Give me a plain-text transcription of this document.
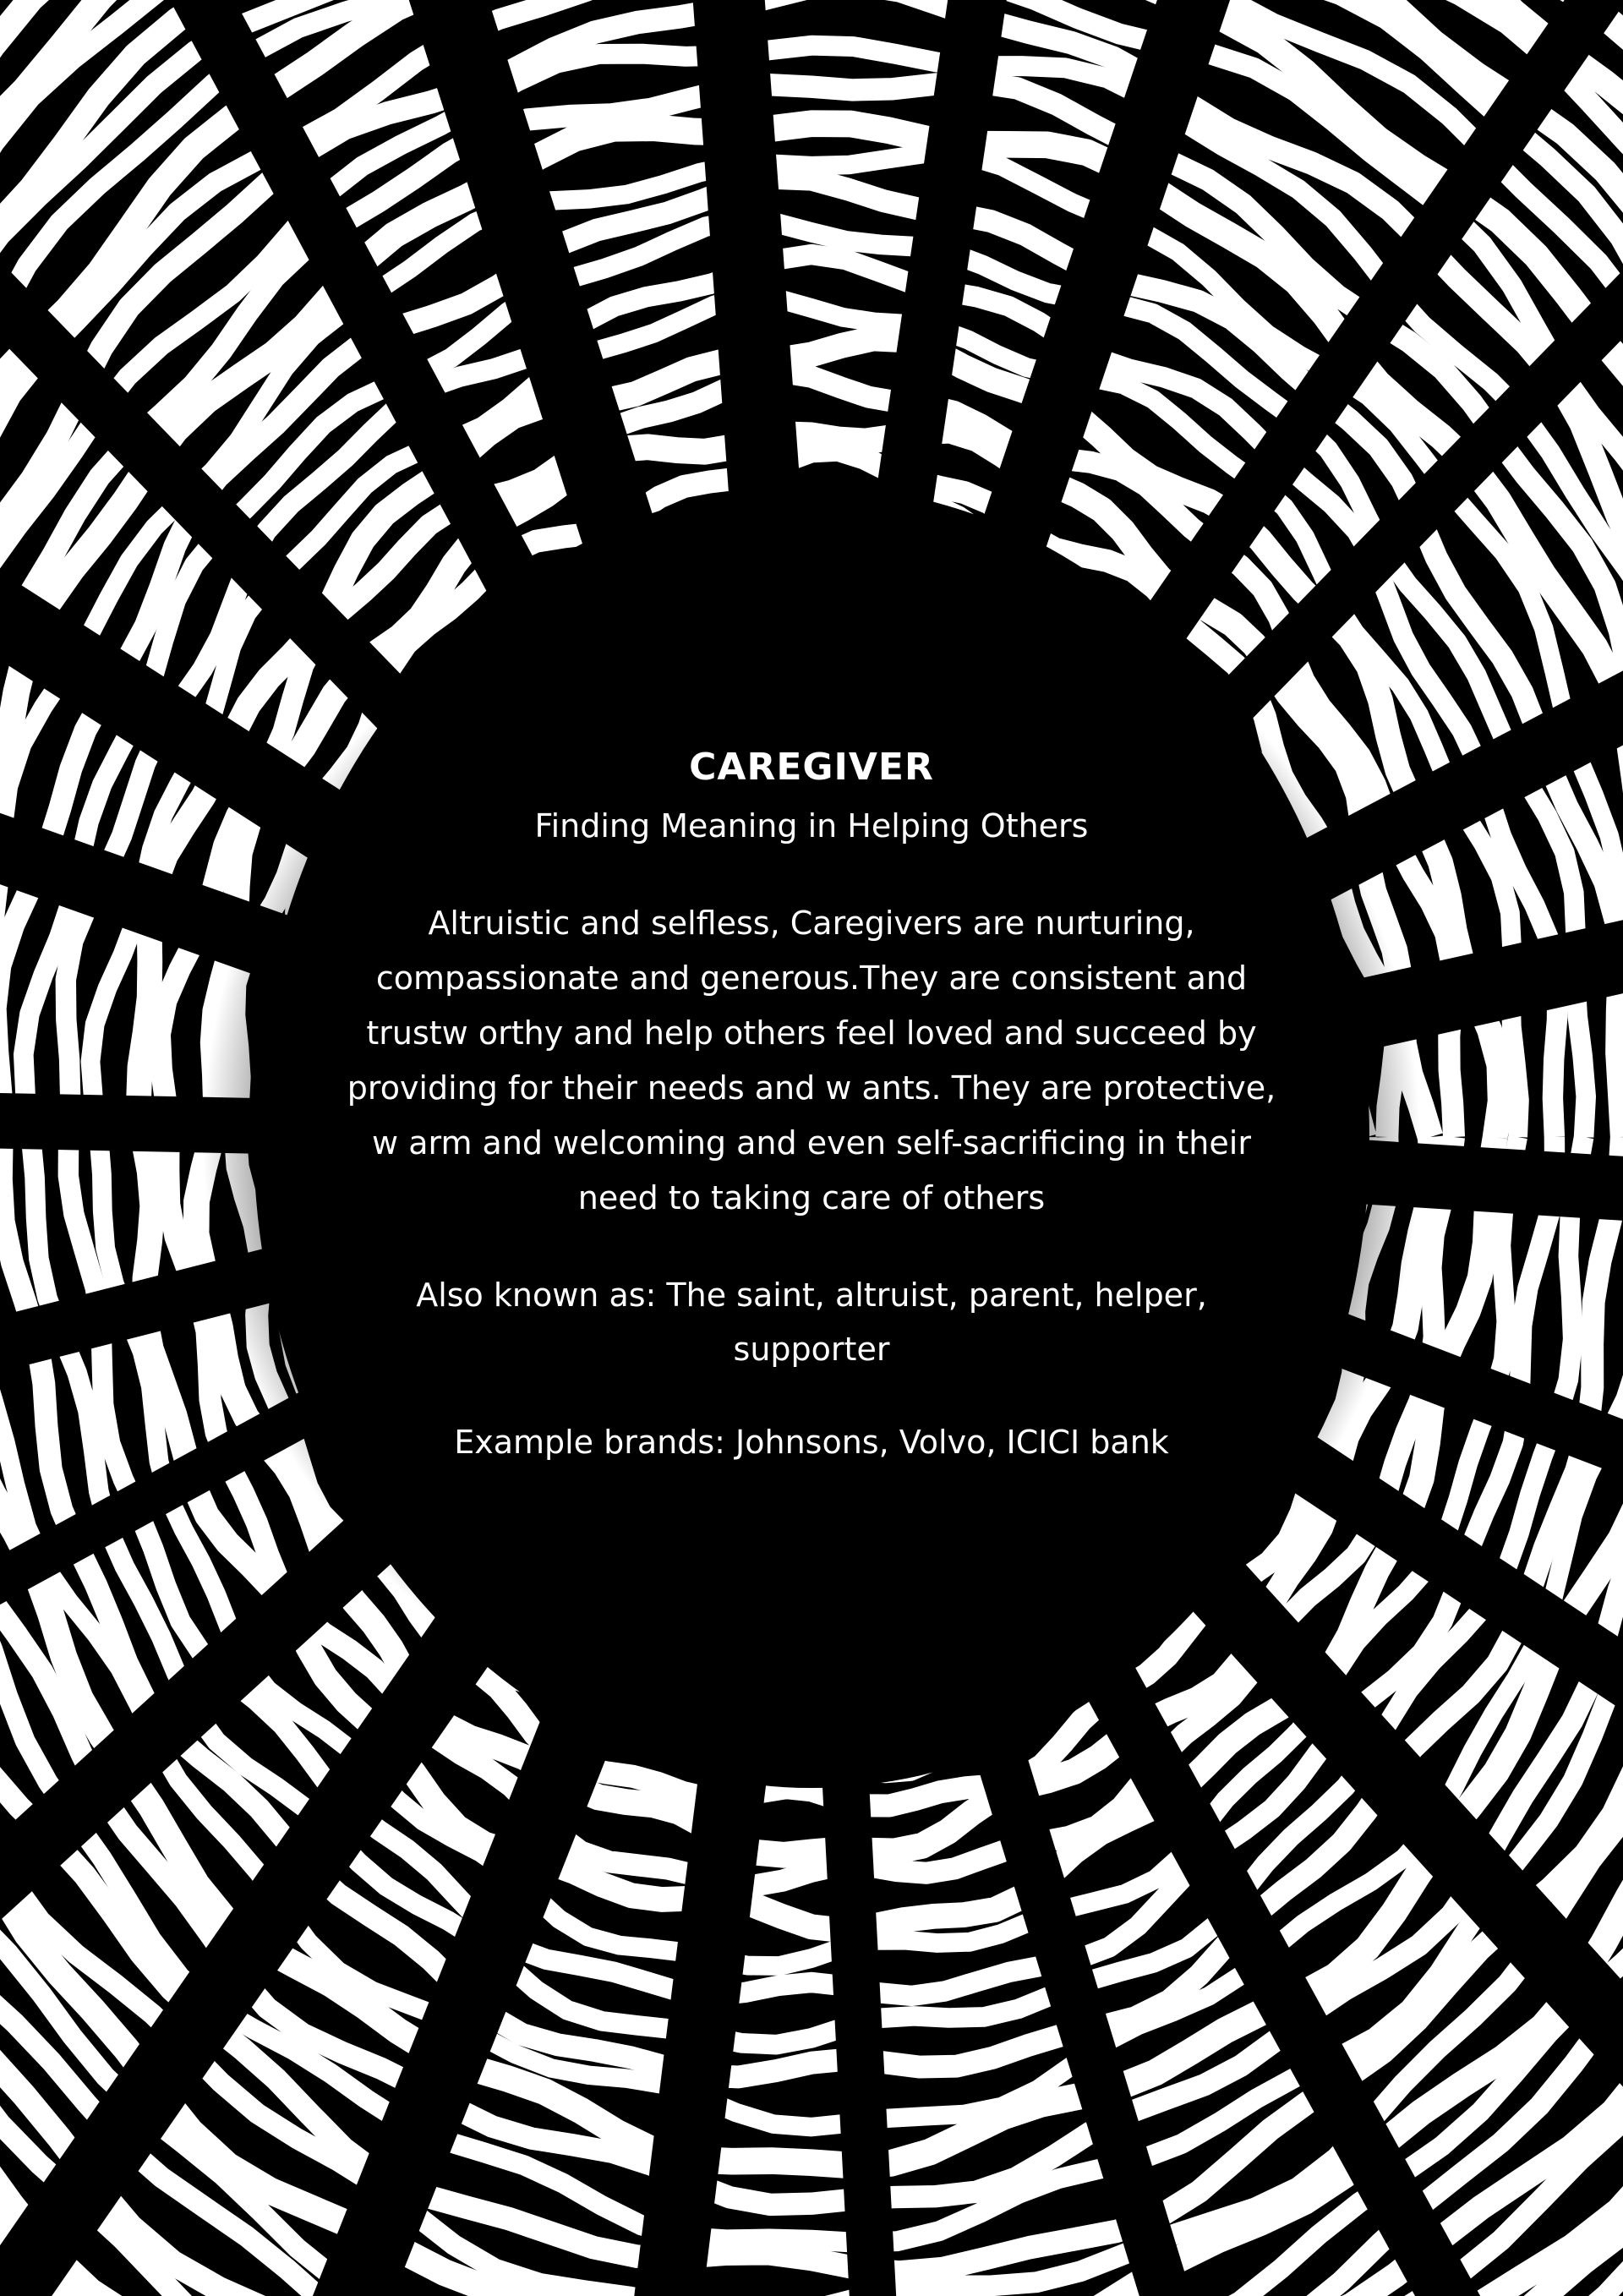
CAREGIVER

Finding Meaning in Helping Others

Altruistic and selfless, Caregivers are nurturing, compassionate and generous.They are consistent and trustw orthy and help others feel loved and succeed by providing for their needs and w ants. They are protective, w arm and welcoming and even self-sacrificing in their need to taking care of others

Also known as: The saint, altruist, parent, helper, supporter

Example brands: Johnsons, Volvo, ICICI bank
